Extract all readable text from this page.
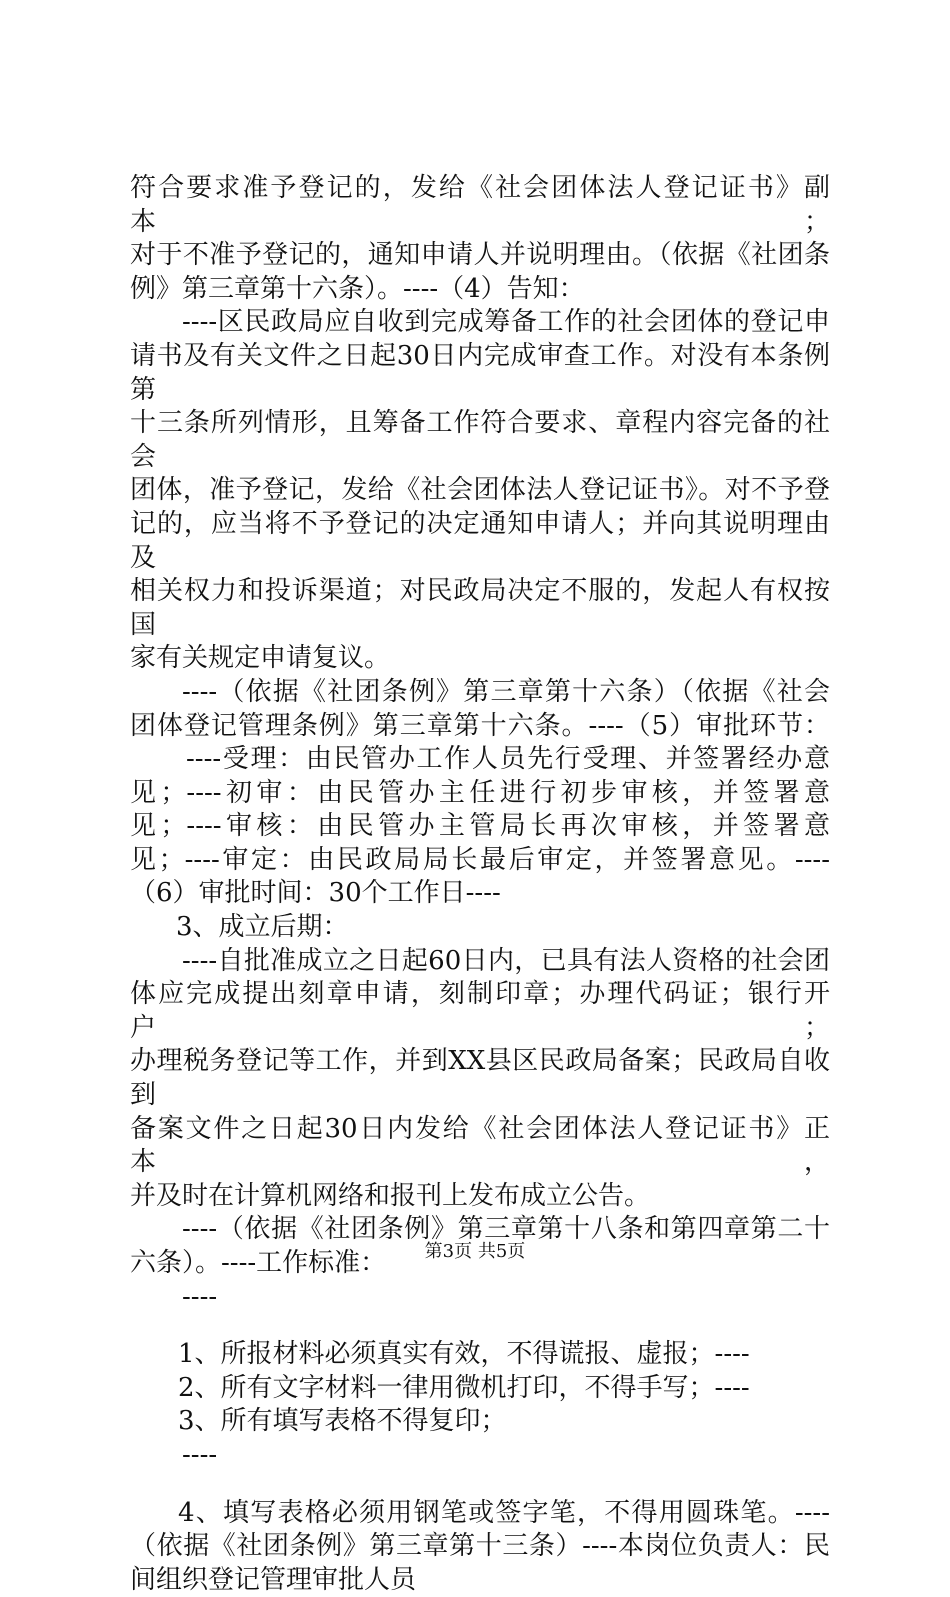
符合要求准予登记的，发给《社会团体法人登记证书》副本；
对于不准予登记的，通知申请人并说明理由。（依据《社团条
例》第三章第十六条）。----（4）告知：
----区民政局应自收到完成筹备工作的社会团体的登记申
请书及有关文件之日起30日内完成审查工作。对没有本条例第
十三条所列情形，且筹备工作符合要求、章程内容完备的社会
团体，准予登记，发给《社会团体法人登记证书》。对不予登
记的，应当将不予登记的决定通知申请人；并向其说明理由及
相关权力和投诉渠道；对民政局决定不服的，发起人有权按国
家有关规定申请复议。
----（依据《社团条例》第三章第十六条）（依据《社会
团体登记管理条例》第三章第十六条。----（5）审批环节：
----受理：由民管办工作人员先行受理、并签署经办意
见；----初审：由民管办主任进行初步审核，并签署意
见；----审核：由民管办主管局长再次审核，并签署意
见；----审定：由民政局局长最后审定，并签署意见。----
（6）审批时间：30个工作日----
3、成立后期：
----自批准成立之日起60日内，已具有法人资格的社会团
体应完成提出刻章申请，刻制印章；办理代码证；银行开户；
办理税务登记等工作，并到XX县区民政局备案；民政局自收到
备案文件之日起30日内发给《社会团体法人登记证书》正本，
并及时在计算机网络和报刊上发布成立公告。
----（依据《社团条例》第三章第十八条和第四章第二十
六条）。----工作标准：
----
1、所报材料必须真实有效，不得谎报、虚报；----
2、所有文字材料一律用微机打印，不得手写；----
3、所有填写表格不得复印；
----
4、填写表格必须用钢笔或签字笔，不得用圆珠笔。----
（依据《社团条例》第三章第十三条）----本岗位负责人：民
间组织登记管理审批人员
第3页 共5页
